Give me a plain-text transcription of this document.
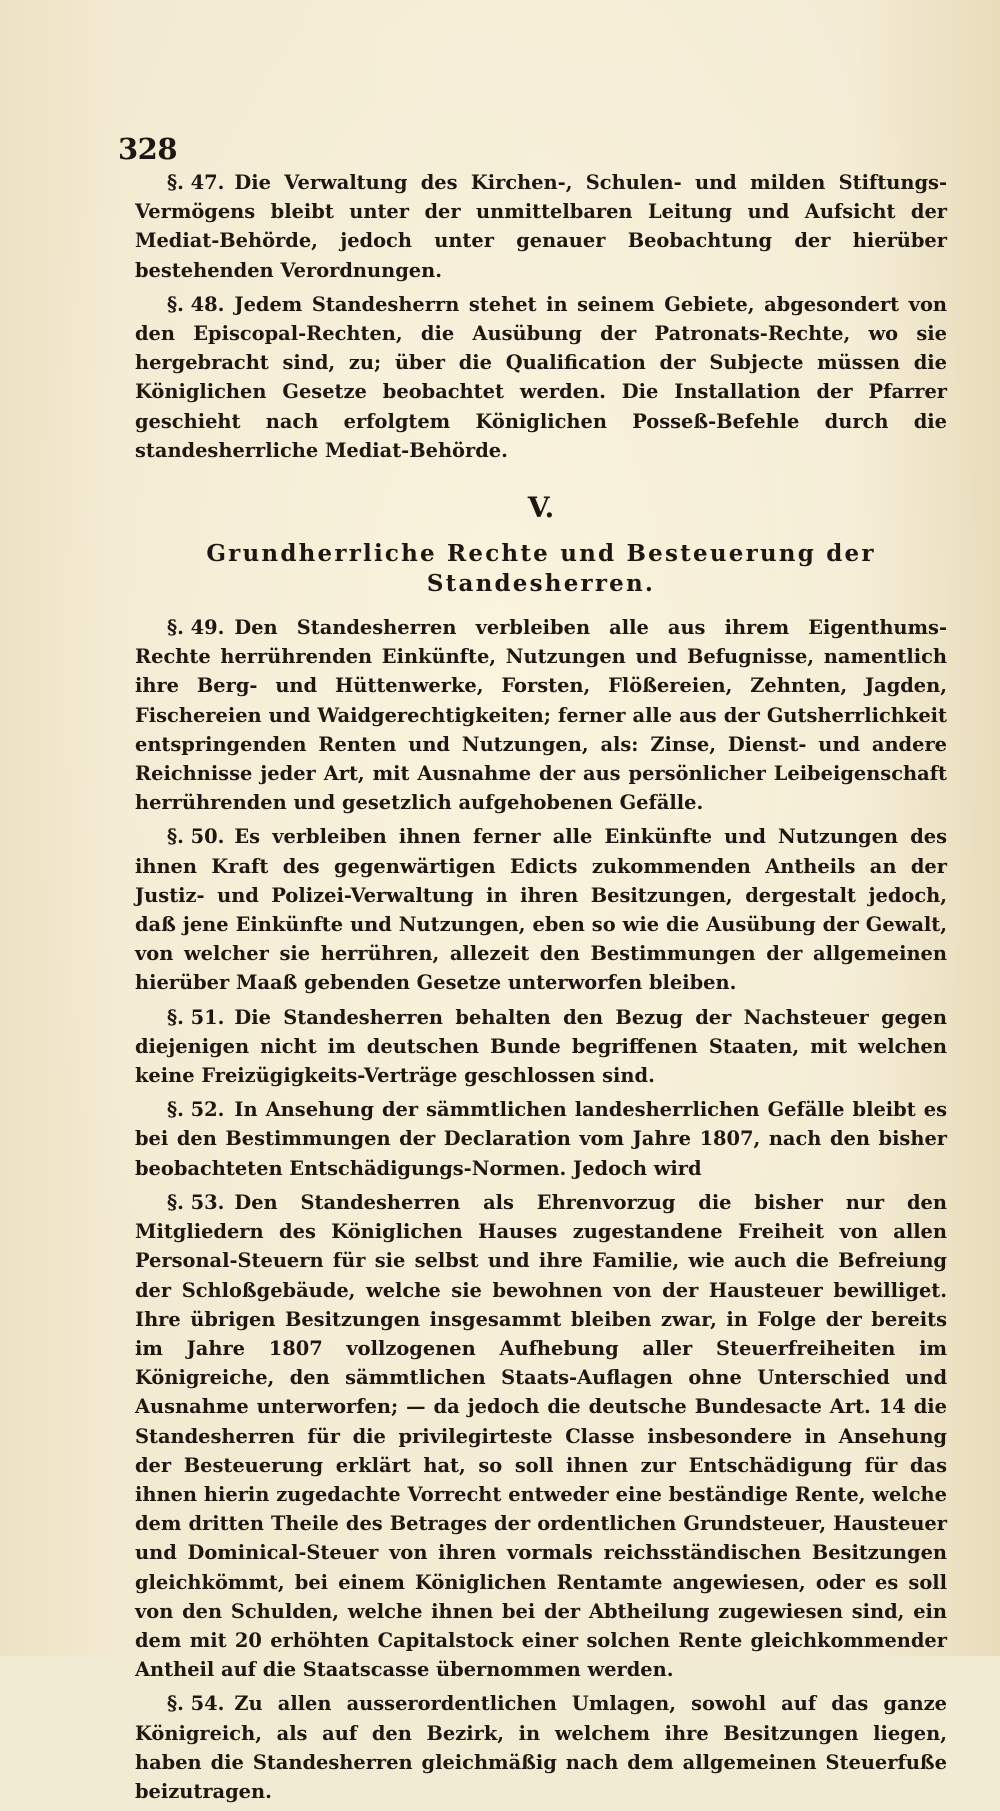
328

§. 47. Die Verwaltung des Kirchen-, Schulen- und milden Stiftungs-Vermögens bleibt unter der unmittelbaren Leitung und Aufsicht der Mediat-Behörde, jedoch unter genauer Beobachtung der hierüber bestehenden Verordnungen.

§. 48. Jedem Standesherrn stehet in seinem Gebiete, abgesondert von den Episcopal-Rechten, die Ausübung der Patronats-Rechte, wo sie hergebracht sind, zu; über die Qualification der Subjecte müssen die Königlichen Gesetze beobachtet werden. Die Installation der Pfarrer geschieht nach erfolgtem Königlichen Posseß-Befehle durch die standesherrliche Mediat-Behörde.

V.
Grundherrliche Rechte und Besteuerung der Standesherren.

§. 49. Den Standesherren verbleiben alle aus ihrem Eigenthums-Rechte herrührenden Einkünfte, Nutzungen und Befugnisse, namentlich ihre Berg- und Hüttenwerke, Forsten, Flößereien, Zehnten, Jagden, Fischereien und Waidgerechtigkeiten; ferner alle aus der Gutsherrlichkeit entspringenden Renten und Nutzungen, als: Zinse, Dienst- und andere Reichnisse jeder Art, mit Ausnahme der aus persönlicher Leibeigenschaft herrührenden und gesetzlich aufgehobenen Gefälle.

§. 50. Es verbleiben ihnen ferner alle Einkünfte und Nutzungen des ihnen Kraft des gegenwärtigen Edicts zukommenden Antheils an der Justiz- und Polizei-Verwaltung in ihren Besitzungen, dergestalt jedoch, daß jene Einkünfte und Nutzungen, eben so wie die Ausübung der Gewalt, von welcher sie herrühren, allezeit den Bestimmungen der allgemeinen hierüber Maaß gebenden Gesetze unterworfen bleiben.

§. 51. Die Standesherren behalten den Bezug der Nachsteuer gegen diejenigen nicht im deutschen Bunde begriffenen Staaten, mit welchen keine Freizügigkeits-Verträge geschlossen sind.

§. 52. In Ansehung der sämmtlichen landesherrlichen Gefälle bleibt es bei den Bestimmungen der Declaration vom Jahre 1807, nach den bisher beobachteten Entschädigungs-Normen. Jedoch wird

§. 53. Den Standesherren als Ehrenvorzug die bisher nur den Mitgliedern des Königlichen Hauses zugestandene Freiheit von allen Personal-Steuern für sie selbst und ihre Familie, wie auch die Befreiung der Schloßgebäude, welche sie bewohnen von der Hausteuer bewilliget. Ihre übrigen Besitzungen insgesammt bleiben zwar, in Folge der bereits im Jahre 1807 vollzogenen Aufhebung aller Steuerfreiheiten im Königreiche, den sämmtlichen Staats-Auflagen ohne Unterschied und Ausnahme unterworfen; — da jedoch die deutsche Bundesacte Art. 14 die Standesherren für die privilegirteste Classe insbesondere in Ansehung der Besteuerung erklärt hat, so soll ihnen zur Entschädigung für das ihnen hierin zugedachte Vorrecht entweder eine beständige Rente, welche dem dritten Theile des Betrages der ordentlichen Grundsteuer, Hausteuer und Dominical-Steuer von ihren vormals reichsständischen Besitzungen gleichkömmt, bei einem Königlichen Rentamte angewiesen, oder es soll von den Schulden, welche ihnen bei der Abtheilung zugewiesen sind, ein dem mit 20 erhöhten Capitalstock einer solchen Rente gleichkommender Antheil auf die Staatscasse übernommen werden.

§. 54. Zu allen ausserordentlichen Umlagen, sowohl auf das ganze Königreich, als auf den Bezirk, in welchem ihre Besitzungen liegen, haben die Standesherren gleichmäßig nach dem allgemeinen Steuerfuße beizutragen.
